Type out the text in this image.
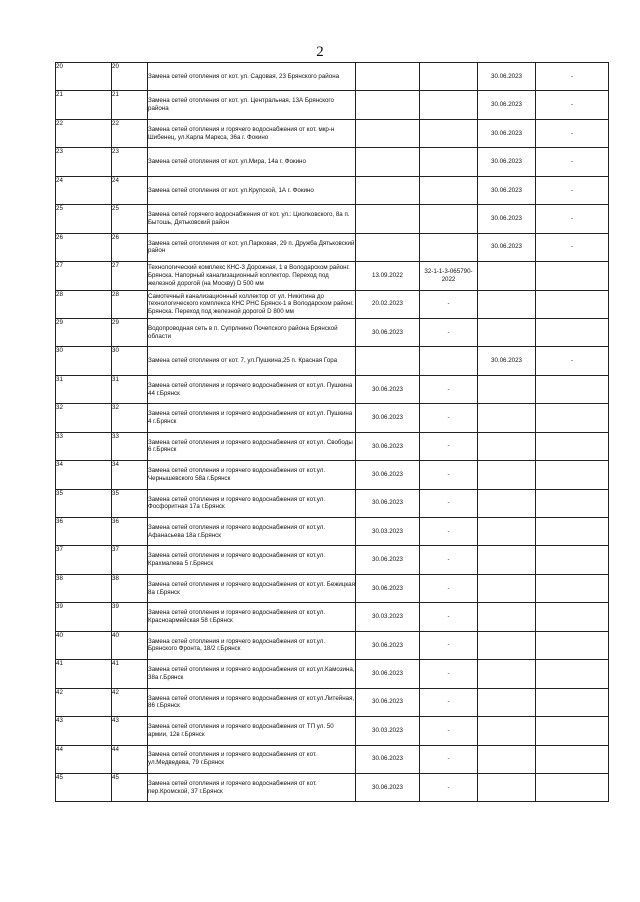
2
20	20	Замена сетей отопления от кот. ул. Садовая, 23 Брянского района			30.06.2023	-
21	21	Замена сетей отопления от кот. ул. Центральная, 13А Брянского района			30.06.2023	-
22	22	Замена сетей отопления и горячего водоснабжения от кот. мкр-н Шибенец, ул.Карла Маркса, 36а г. Фокино			30.06.2023	-
23	23	Замена сетей отопления от кот. ул.Мира, 14а г. Фокино			30.06.2023	-
24	24	Замена сетей отопления от кот. ул.Крупской, 1А г. Фокино			30.06.2023	-
25	25	Замена сетей горячего водоснабжения от кот. ул.: Циолковского, 8а п. Бытошь, Дятьковский район			30.06.2023	-
26	26	Замена сетей отопления от кот. ул.Парковая, 29 п. Дружба Дятьковский район			30.06.2023	-
27	27	Технологический комплекс КНС-3 Дорожная, 1 в Володарском районг. Брянска. Напорный канализационный коллектор. Переход под железной дорогой (на Москву) D 500 мм	13.09.2022	32-1-1-3-065790-2022		
28	28	Самотечный канализационный коллектор от ул. Никитина до технологического комплекса КНС РНС Брянск-1 в Володарском районг. Брянска. Переход под железной дорогой D 800 мм	20.02.2023	-		
29	29	Водопроводная сеть в п. Супрлнино Почепского района Брянской области	30.06.2023	-		
30	30	Замена сетей отопления от кот. 7, ул.Пушкина,25 п. Красная Гора			30.06.2023	-
31	31	Замена сетей отопления и горячего водоснабжения от кот.ул. Пушкина 44 г.Брянск	30.06.2023	-		
32	32	Замена сетей отопления и горячего водоснабжения от кот.ул. Пушкина 4 г.Брянск	30.06.2023	-		
33	33	Замена сетей отопления и горячего водоснабжения от кот.ул. Свободы 6 г.Брянск	30.06.2023	-		
34	34	Замена сетей отопления и горячего водоснабжения от кот.ул. Чернышевского 58а г.Брянск	30.06.2023	-		
35	35	Замена сетей отопления и горячего водоснабжения от кот.ул. Фосфоритная 17а г.Брянск	30.06.2023	-		
36	36	Замена сетей отопления и горячего водоснабжения от кот.ул. Афанасьева 18а г.Брянск	30.03.2023	-		
37	37	Замена сетей отопления и горячего водоснабжения от кот.ул. Крахмалева 5 г.Брянск	30.06.2023	-		
38	38	Замена сетей отопления и горячего водоснабжения от кот.ул. Бежицкая 8а г.Брянск	30.06.2023	-		
39	39	Замена сетей отопления и горячего водоснабжения от кот.ул. Красноармейская 58 г.Брянск	30.03.2023	-		
40	40	Замена сетей отопления и горячего водоснабжения от кот.ул. Брянского Фронта, 18/2 г.Брянск	30.06.2023	-		
41	41	Замена сетей отопления и горячего водоснабжения от кот.ул.Камозина, 38а г.Брянск	30.06.2023	-		
42	42	Замена сетей отопления и горячего водоснабжения от кот.ул.Литейная, 86 г.Брянск	30.06.2023	-		
43	43	Замена сетей отопления и горячего водоснабжения от ТП ул. 50 армии, 12в г.Брянск	30.03.2023	-		
44	44	Замена сетей отопления и горячего водоснабжения от кот. ул.Медведева, 79 г.Брянск	30.06.2023	-		
45	45	Замена сетей отопления и горячего водоснабжения от кот. пер.Кромской, 37 г.Брянск	30.06.2023	-		
